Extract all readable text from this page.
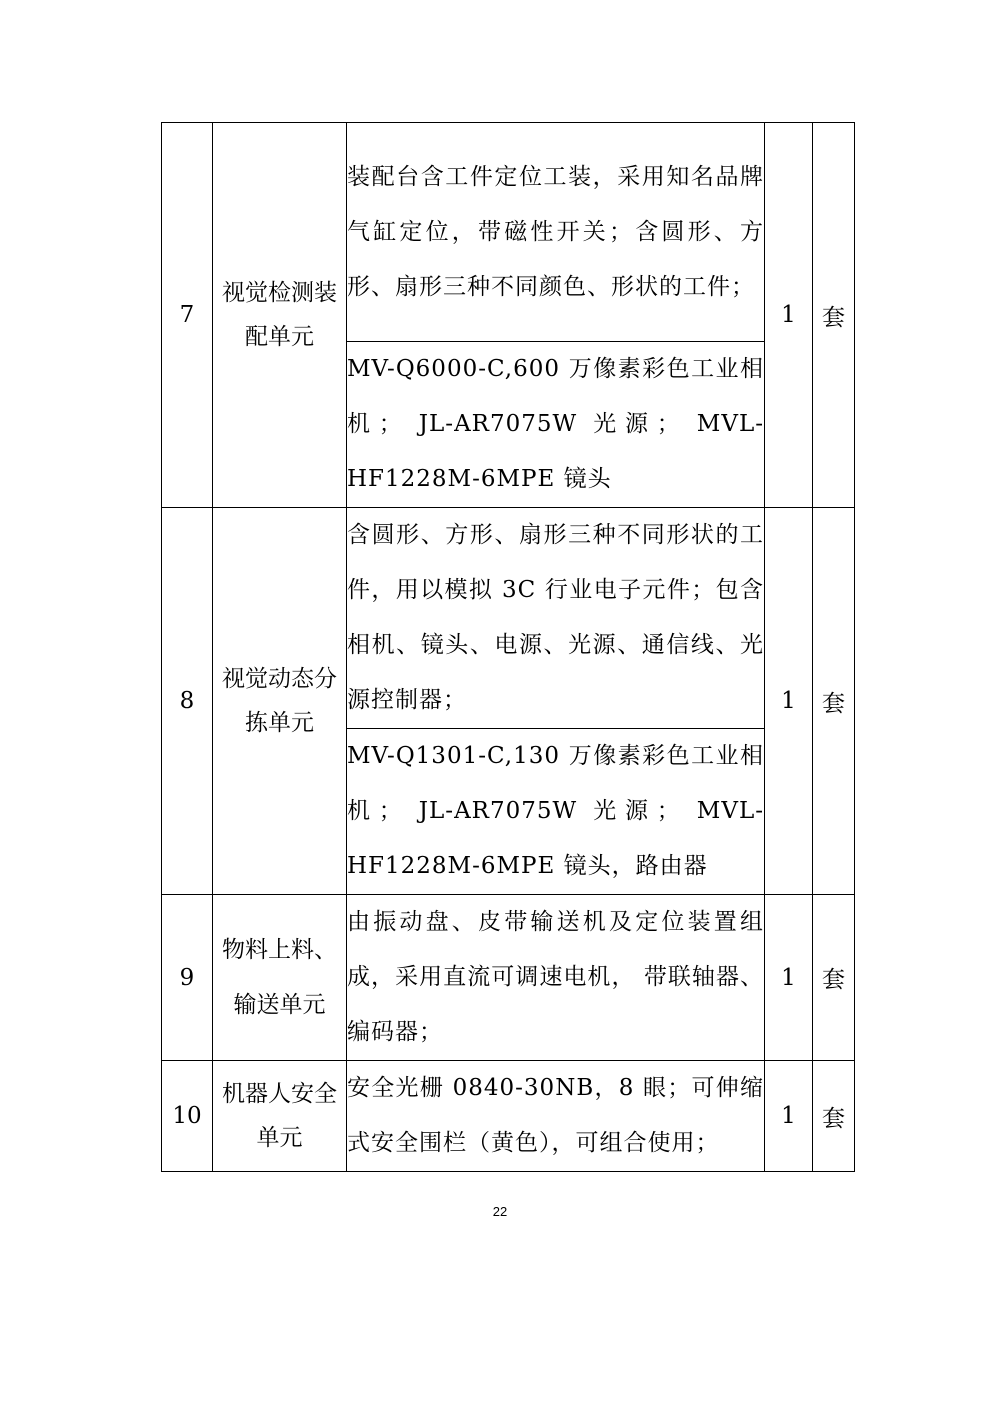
7	视觉检测装配单元	装配台含工件定位工装，采用知名品牌气缸定位，带磁性开关；含圆形、方形、扇形三种不同颜色、形状的工件；	1	套
		MV-Q6000-C,600 万像素彩色工业相机； JL-AR7075W 光源； MVL-HF1228M-6MPE 镜头		
8	视觉动态分拣单元	含圆形、方形、扇形三种不同形状的工件，用以模拟 3C 行业电子元件；包含相机、镜头、电源、光源、通信线、光源控制器；	1	套
		MV-Q1301-C,130 万像素彩色工业相机； JL-AR7075W 光源； MVL-HF1228M-6MPE 镜头，路由器		
9	物料上料、输送单元	由振动盘、皮带输送机及定位装置组成，采用直流可调速电机， 带联轴器、编码器；	1	套
10	机器人安全单元	安全光栅 0840-30NB，8 眼；可伸缩式安全围栏（黄色），可组合使用；	1	套
22
